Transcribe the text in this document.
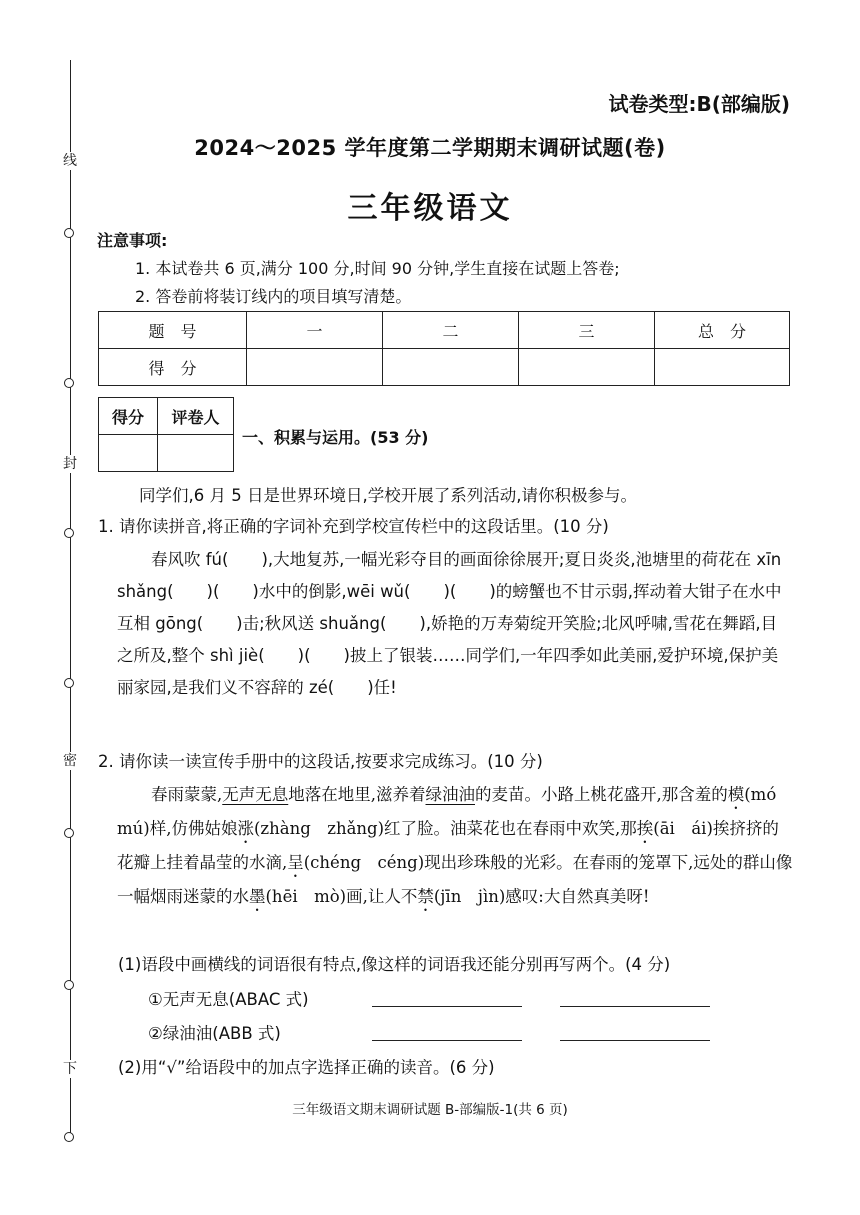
线
封
密
下
试卷类型:B(部编版)
2024～2025 学年度第二学期期末调研试题(卷)
三年级语文
注意事项:
1. 本试卷共 6 页,满分 100 分,时间 90 分钟,学生直接在试题上答卷;
2. 答卷前将装订线内的项目填写清楚。
题　号	一	二	三	总　分
得　分				
得分	评卷人

一、积累与运用。(53 分)
同学们,6 月 5 日是世界环境日,学校开展了系列活动,请你积极参与。
1. 请你读拼音,将正确的字词补充到学校宣传栏中的这段话里。(10 分)
春风吹 fú(　　),大地复苏,一幅光彩夺目的画面徐徐展开;夏日炎炎,池塘里的荷花在 xīn shǎng(　　)(　　)水中的倒影,wēi wǔ(　　)(　　)的螃蟹也不甘示弱,挥动着大钳子在水中互相 gōng(　　)击;秋风送 shuǎng(　　),娇艳的万寿菊绽开笑脸;北风呼啸,雪花在舞蹈,目之所及,整个 shì jiè(　　)(　　)披上了银装……同学们,一年四季如此美丽,爱护环境,保护美丽家园,是我们义不容辞的 zé(　　)任!
2. 请你读一读宣传手册中的这段话,按要求完成练习。(10 分)
春雨蒙蒙,无声无息地落在地里,滋养着绿油油的麦苗。小路上桃花盛开,那含羞的模(mó　mú)样,仿佛姑娘涨(zhàng　zhǎng)红了脸。油菜花也在春雨中欢笑,那挨(āi　ái)挨挤挤的花瓣上挂着晶莹的水滴,呈(chéng　céng)现出珍珠般的光彩。在春雨的笼罩下,远处的群山像一幅烟雨迷蒙的水墨(hēi　mò)画,让人不禁(jīn　jìn)感叹:大自然真美呀!
(1)语段中画横线的词语很有特点,像这样的词语我还能分别再写两个。(4 分)
①无声无息(ABAC 式)
②绿油油(ABB 式)
(2)用“√”给语段中的加点字选择正确的读音。(6 分)
三年级语文期末调研试题 B-部编版-1(共 6 页)
